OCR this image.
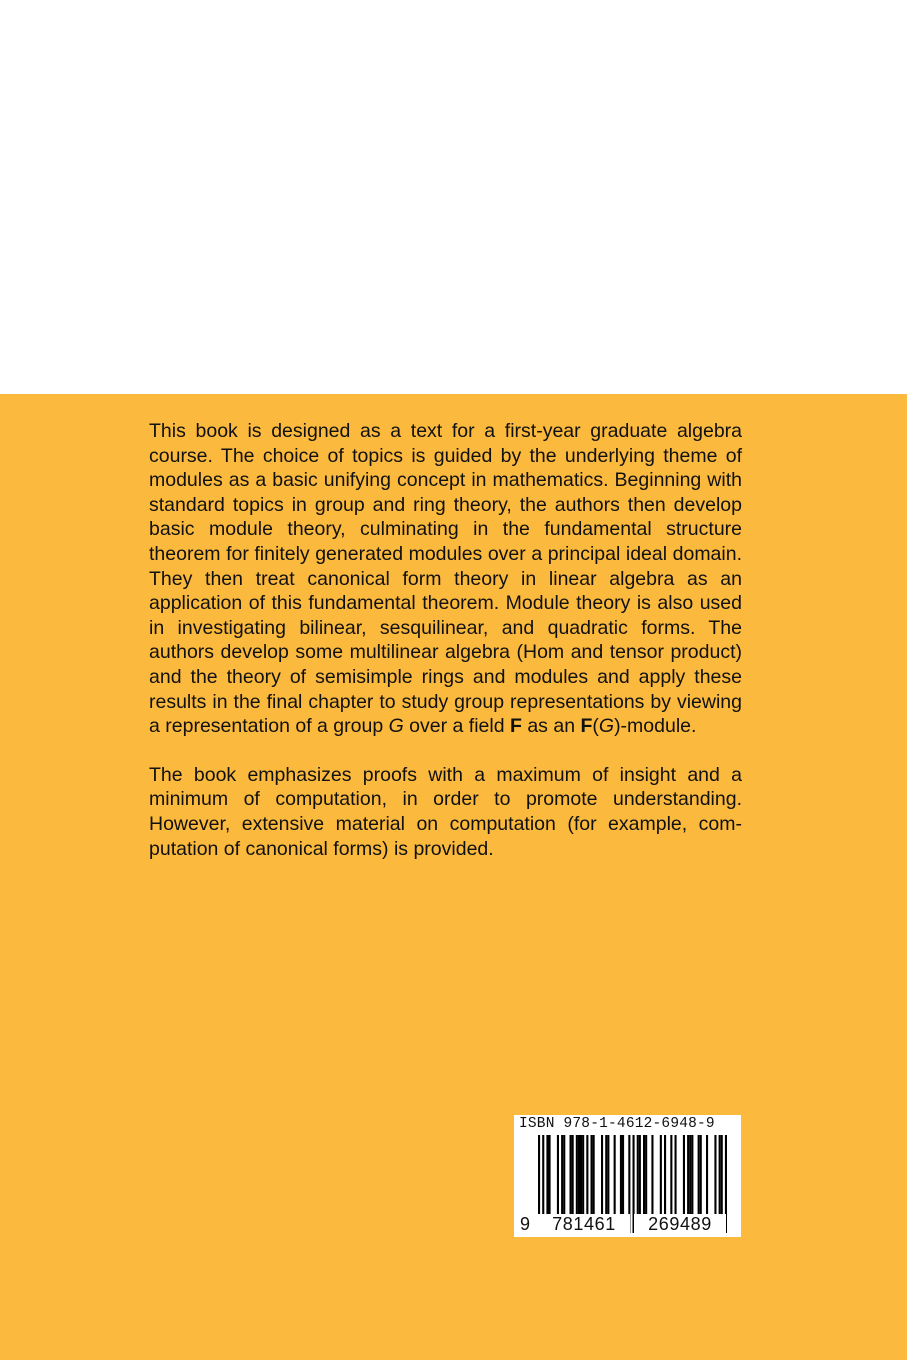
This book is designed as a text for a first-year graduate algebra course. The choice of topics is guided by the underlying theme of modules as a basic unifying concept in mathematics. Beginning with standard topics in group and ring theory, the authors then develop basic module theory, culminating in the fundamental structure theorem for finitely generated modules over a principal ideal domain. They then treat canonical form theory in linear algebra as an application of this fundamental theorem. Module theory is also used in investigating bilinear, sesquilinear, and quadratic forms. The authors develop some multilinear algebra (Hom and tensor product) and the theory of semisimple rings and modules and apply these results in the final chapter to study group representations by viewing a representation of a group G over a field F as an F(G)-module.

The book emphasizes proofs with a maximum of insight and a minimum of computation, in order to promote understanding. However, extensive material on computation (for example, computation of canonical forms) is provided.

ISBN 978-1-4612-6948-9
9	781461	269489
